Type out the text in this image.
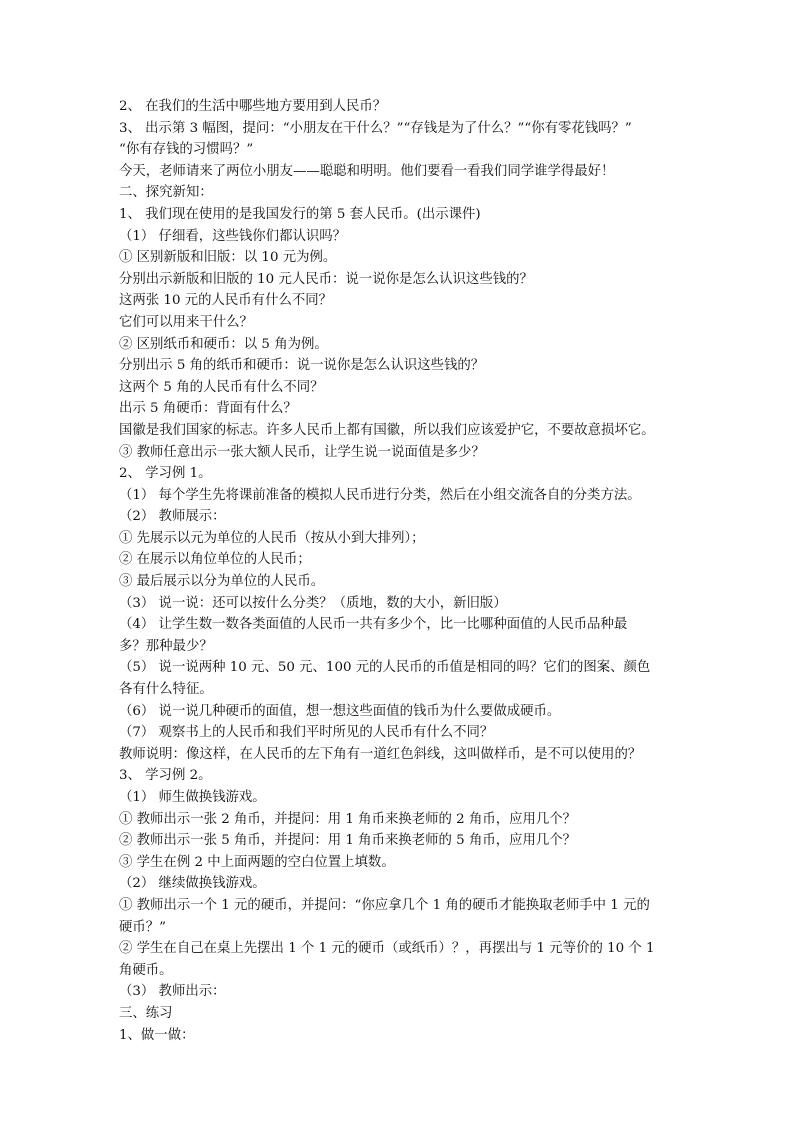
2、 在我们的生活中哪些地方要用到人民币？
3、 出示第 3 幅图，提问：“小朋友在干什么？”“存钱是为了什么？”“你有零花钱吗？”
“你有存钱的习惯吗？”
今天，老师请来了两位小朋友——聪聪和明明。他们要看一看我们同学谁学得最好！
二、探究新知：
1、 我们现在使用的是我国发行的第 5 套人民币。(出示课件)
（1） 仔细看，这些钱你们都认识吗？
① 区别新版和旧版：以 10 元为例。
分别出示新版和旧版的 10 元人民币：说一说你是怎么认识这些钱的？
这两张 10 元的人民币有什么不同？
它们可以用来干什么？
② 区别纸币和硬币：以 5 角为例。
分别出示 5 角的纸币和硬币：说一说你是怎么认识这些钱的？
这两个 5 角的人民币有什么不同？
出示 5 角硬币：背面有什么？
国徽是我们国家的标志。许多人民币上都有国徽，所以我们应该爱护它，不要故意损坏它。
③ 教师任意出示一张大额人民币，让学生说一说面值是多少？
2、 学习例 1。
（1） 每个学生先将课前准备的模拟人民币进行分类，然后在小组交流各自的分类方法。
（2） 教师展示：
① 先展示以元为单位的人民币（按从小到大排列）；
② 在展示以角位单位的人民币；
③ 最后展示以分为单位的人民币。
（3） 说一说：还可以按什么分类？（质地，数的大小，新旧版）
（4） 让学生数一数各类面值的人民币一共有多少个，比一比哪种面值的人民币品种最
多？那种最少？
（5） 说一说两种 10 元、50 元、100 元的人民币的币值是相同的吗？它们的图案、颜色
各有什么特征。
（6） 说一说几种硬币的面值，想一想这些面值的钱币为什么要做成硬币。
（7） 观察书上的人民币和我们平时所见的人民币有什么不同？
教师说明：像这样，在人民币的左下角有一道红色斜线，这叫做样币，是不可以使用的？
3、 学习例 2。
（1） 师生做换钱游戏。
① 教师出示一张 2 角币，并提问：用 1 角币来换老师的 2 角币，应用几个？
② 教师出示一张 5 角币，并提问：用 1 角币来换老师的 5 角币，应用几个？
③ 学生在例 2 中上面两题的空白位置上填数。
（2） 继续做换钱游戏。
① 教师出示一个 1 元的硬币，并提问：“你应拿几个 1 角的硬币才能换取老师手中 1 元的
硬币？”
② 学生在自己在桌上先摆出 1 个 1 元的硬币（或纸币）？，再摆出与 1 元等价的 10 个 1
角硬币。
（3） 教师出示：
三、练习
1、做一做：
